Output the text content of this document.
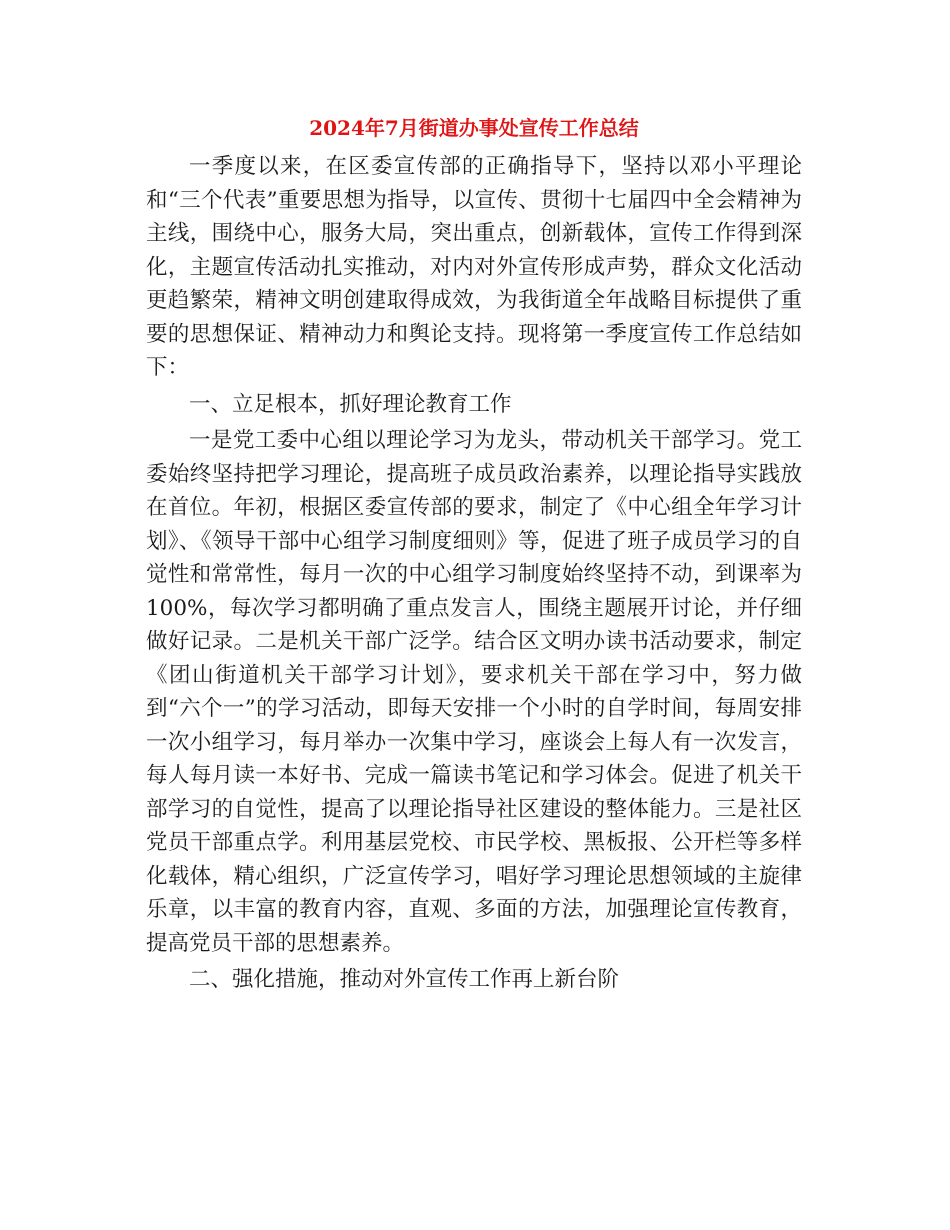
2024年7月街道办事处宣传工作总结

一季度以来，在区委宣传部的正确指导下，坚持以邓小平理论和“三个代表”重要思想为指导，以宣传、贯彻十七届四中全会精神为主线，围绕中心，服务大局，突出重点，创新载体，宣传工作得到深化，主题宣传活动扎实推动，对内对外宣传形成声势，群众文化活动更趋繁荣，精神文明创建取得成效，为我街道全年战略目标提供了重要的思想保证、精神动力和舆论支持。现将第一季度宣传工作总结如下：

一、立足根本，抓好理论教育工作

一是党工委中心组以理论学习为龙头，带动机关干部学习。党工委始终坚持把学习理论，提高班子成员政治素养，以理论指导实践放在首位。年初，根据区委宣传部的要求，制定了《中心组全年学习计划》、《领导干部中心组学习制度细则》等，促进了班子成员学习的自觉性和常常性，每月一次的中心组学习制度始终坚持不动，到课率为100%，每次学习都明确了重点发言人，围绕主题展开讨论，并仔细做好记录。二是机关干部广泛学。结合区文明办读书活动要求，制定《团山街道机关干部学习计划》，要求机关干部在学习中，努力做到“六个一”的学习活动，即每天安排一个小时的自学时间，每周安排一次小组学习，每月举办一次集中学习，座谈会上每人有一次发言，每人每月读一本好书、完成一篇读书笔记和学习体会。促进了机关干部学习的自觉性，提高了以理论指导社区建设的整体能力。三是社区党员干部重点学。利用基层党校、市民学校、黑板报、公开栏等多样化载体，精心组织，广泛宣传学习，唱好学习理论思想领域的主旋律乐章，以丰富的教育内容，直观、多面的方法，加强理论宣传教育，提高党员干部的思想素养。

二、强化措施，推动对外宣传工作再上新台阶
